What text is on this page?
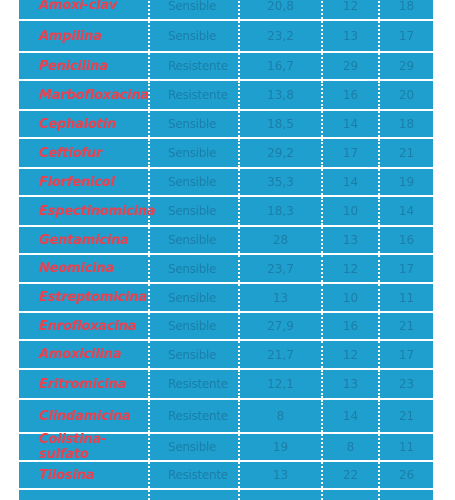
Amoxi-clav	Sensible	20,8	12	18
Ampilina	Sensible	23,2	13	17
Penicilina	Resistente	16,7	29	29
Marbofloxacina	Resistente	13,8	16	20
Cephalotin	Sensible	18,5	14	18
Ceftiofur	Sensible	29,2	17	21
Florfenicol	Sensible	35,3	14	19
Espectinomicina	Sensible	18,3	10	14
Gentamicina	Sensible	28	13	16
Neomicina	Sensible	23,7	12	17
Estreptomicina	Sensible	13	10	11
Enrofloxacina	Sensible	27,9	16	21
Amoxicilina	Sensible	21,7	12	17
Eritromicina	Resistente	12,1	13	23
Clindamicina	Resistente	8	14	21
Colistina-sulfato	Sensible	19	8	11
Tilosina	Resistente	13	22	26
